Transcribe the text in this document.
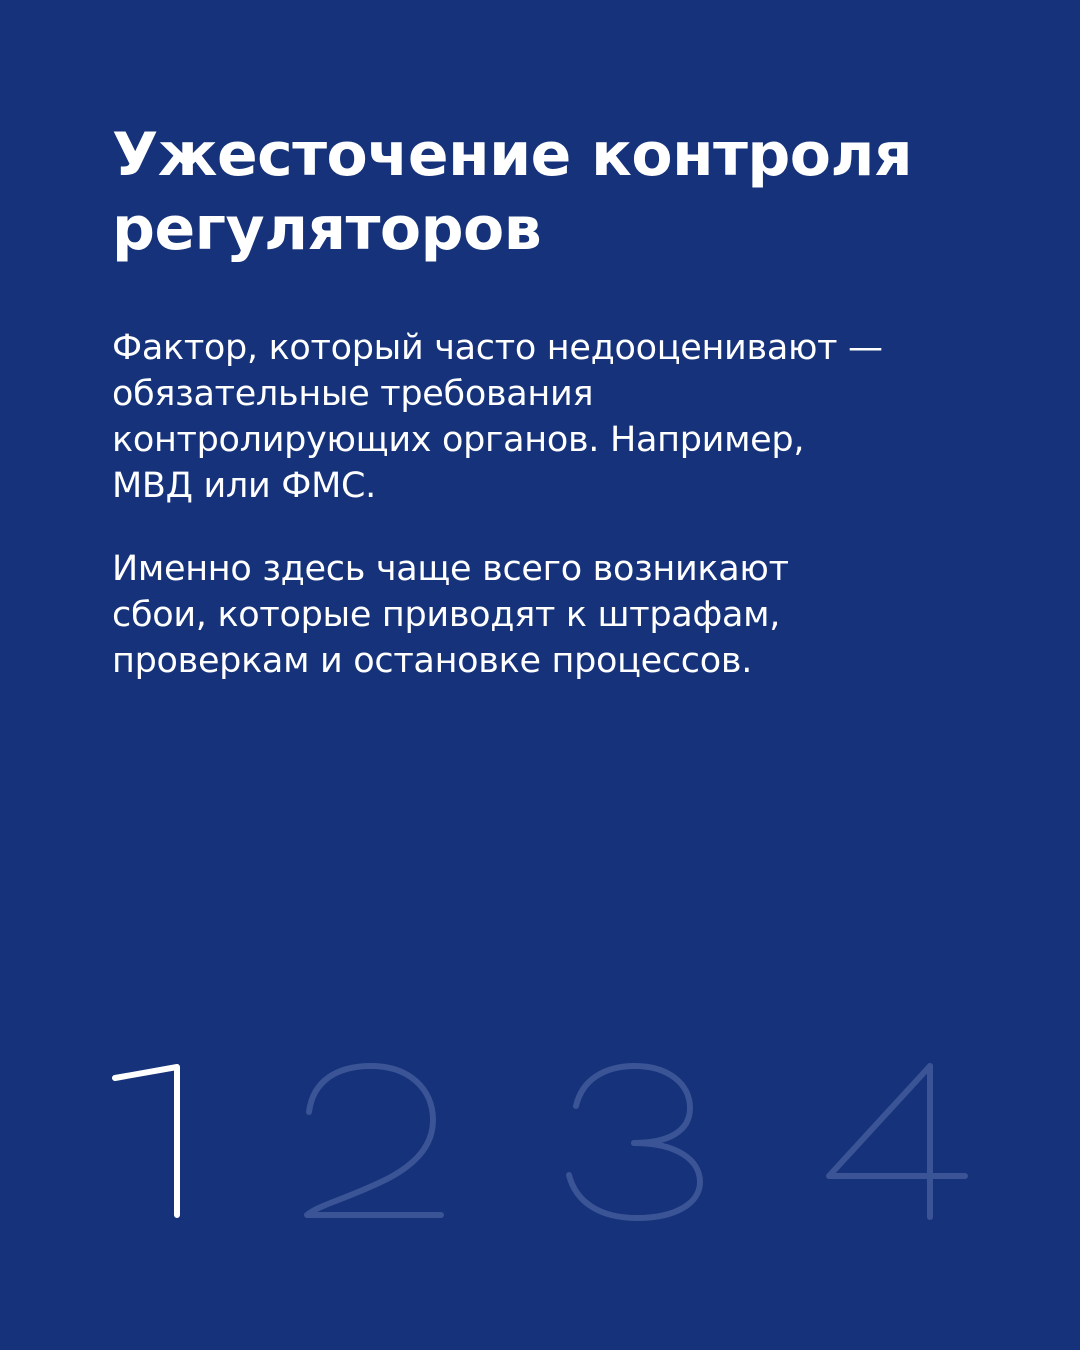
Ужесточение контроля
регуляторов

Фактор, который часто недооценивают —
обязательные требования
контролирующих органов. Например,
МВД или ФМС.

Именно здесь чаще всего возникают
сбои, которые приводят к штрафам,
проверкам и остановке процессов.
